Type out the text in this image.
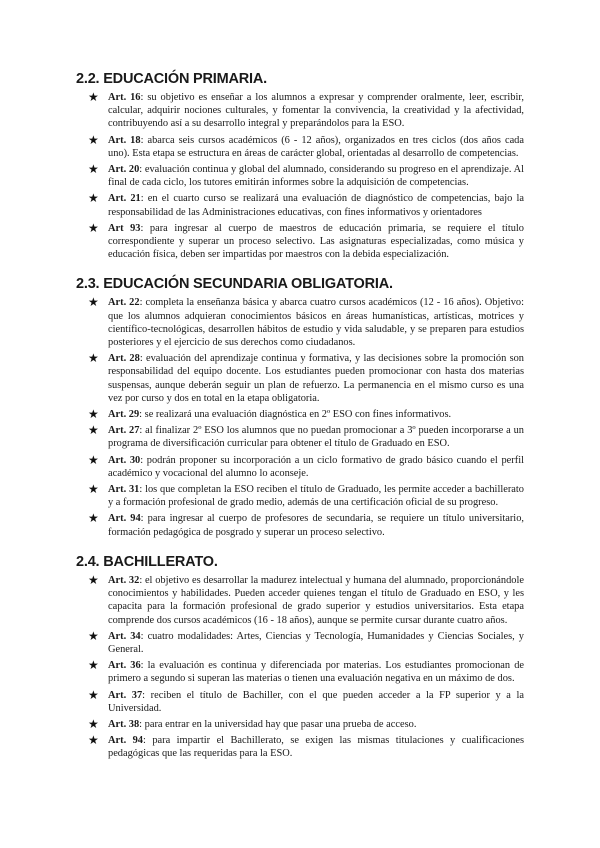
2.2. EDUCACIÓN PRIMARIA.
★ Art. 16: su objetivo es enseñar a los alumnos a expresar y comprender oralmente, leer, escribir, calcular, adquirir nociones culturales, y fomentar la convivencia, la creatividad y la afectividad, contribuyendo así a su desarrollo integral y preparándolos para la ESO.
★ Art. 18: abarca seis cursos académicos (6 - 12 años), organizados en tres ciclos (dos años cada uno). Esta etapa se estructura en áreas de carácter global, orientadas al desarrollo de competencias.
★ Art. 20: evaluación continua y global del alumnado, considerando su progreso en el aprendizaje. Al final de cada ciclo, los tutores emitirán informes sobre la adquisición de competencias.
★ Art. 21: en el cuarto curso se realizará una evaluación de diagnóstico de competencias, bajo la responsabilidad de las Administraciones educativas, con fines informativos y orientadores
★ Art 93: para ingresar al cuerpo de maestros de educación primaria, se requiere el título correspondiente y superar un proceso selectivo. Las asignaturas especializadas, como música y educación física, deben ser impartidas por maestros con la debida especialización.
2.3. EDUCACIÓN SECUNDARIA OBLIGATORIA.
★ Art. 22: completa la enseñanza básica y abarca cuatro cursos académicos (12 - 16 años). Objetivo: que los alumnos adquieran conocimientos básicos en áreas humanísticas, artísticas, motrices y científico-tecnológicas, desarrollen hábitos de estudio y vida saludable, y se preparen para estudios posteriores y el ejercicio de sus derechos como ciudadanos.
★ Art. 28: evaluación del aprendizaje continua y formativa, y las decisiones sobre la promoción son responsabilidad del equipo docente. Los estudiantes pueden promocionar con hasta dos materias suspensas, aunque deberán seguir un plan de refuerzo. La permanencia en el mismo curso es una vez por curso y dos en total en la etapa obligatoria.
★ Art. 29: se realizará una evaluación diagnóstica en 2º ESO con fines informativos.
★ Art. 27: al finalizar 2º ESO los alumnos que no puedan promocionar a 3º pueden incorporarse a un programa de diversificación curricular para obtener el título de Graduado en ESO.
★ Art. 30: podrán proponer su incorporación a un ciclo formativo de grado básico cuando el perfil académico y vocacional del alumno lo aconseje.
★ Art. 31: los que completan la ESO reciben el título de Graduado, les permite acceder a bachillerato y a formación profesional de grado medio, además de una certificación oficial de su progreso.
★ Art. 94: para ingresar al cuerpo de profesores de secundaria, se requiere un título universitario, formación pedagógica de posgrado y superar un proceso selectivo.
2.4. BACHILLERATO.
★ Art. 32: el objetivo es desarrollar la madurez intelectual y humana del alumnado, proporcionándole conocimientos y habilidades. Pueden acceder quienes tengan el título de Graduado en ESO, y les capacita para la formación profesional de grado superior y estudios universitarios. Esta etapa comprende dos cursos académicos (16 - 18 años), aunque se permite cursar durante cuatro años.
★ Art. 34: cuatro modalidades: Artes, Ciencias y Tecnología, Humanidades y Ciencias Sociales, y General.
★ Art. 36: la evaluación es continua y diferenciada por materias. Los estudiantes promocionan de primero a segundo si superan las materias o tienen una evaluación negativa en un máximo de dos.
★ Art. 37: reciben el título de Bachiller, con el que pueden acceder a la FP superior y a la Universidad.
★ Art. 38: para entrar en la universidad hay que pasar una prueba de acceso.
★ Art. 94: para impartir el Bachillerato, se exigen las mismas titulaciones y cualificaciones pedagógicas que las requeridas para la ESO.
